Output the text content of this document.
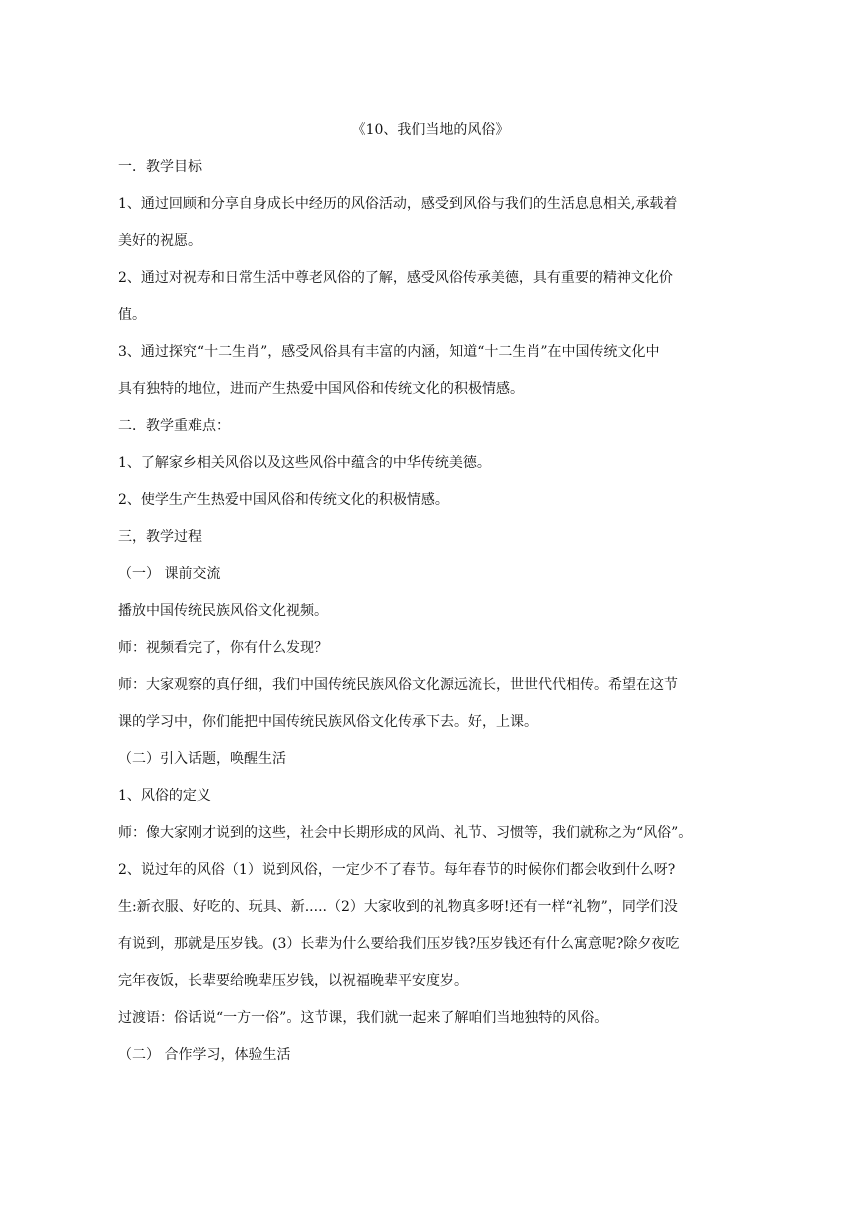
《10、我们当地的风俗》

一．教学目标

1、通过回顾和分享自身成长中经历的风俗活动，感受到风俗与我们的生活息息相关,承载着

美好的祝愿。

2、通过对祝寿和日常生活中尊老风俗的了解，感受风俗传承美德，具有重要的精神文化价

值。

3、通过探究“十二生肖”，感受风俗具有丰富的内涵，知道“十二生肖”在中国传统文化中

具有独特的地位，进而产生热爱中国风俗和传统文化的积极情感。

二．教学重难点：

1、了解家乡相关风俗以及这些风俗中蕴含的中华传统美德。

2、使学生产生热爱中国风俗和传统文化的积极情感。

三，教学过程

（一） 课前交流

播放中国传统民族风俗文化视频。

师：视频看完了，你有什么发现？

师：大家观察的真仔细，我们中国传统民族风俗文化源远流长，世世代代相传。希望在这节

课的学习中，你们能把中国传统民族风俗文化传承下去。好，上课。

（二）引入话题，唤醒生活

1、风俗的定义

师：像大家刚才说到的这些，社会中长期形成的风尚、礼节、习惯等，我们就称之为“风俗”。

2、说过年的风俗（1）说到风俗，一定少不了春节。每年春节的时候你们都会收到什么呀?

生:新衣服、好吃的、玩具、新.....（2）大家收到的礼物真多呀!还有一样“礼物”，同学们没

有说到，那就是压岁钱。(3）长辈为什么要给我们压岁钱?压岁钱还有什么寓意呢?除夕夜吃

完年夜饭，长辈要给晚辈压岁钱，以祝福晚辈平安度岁。

过渡语：俗话说“一方一俗”。这节课，我们就一起来了解咱们当地独特的风俗。

（二） 合作学习，体验生活
